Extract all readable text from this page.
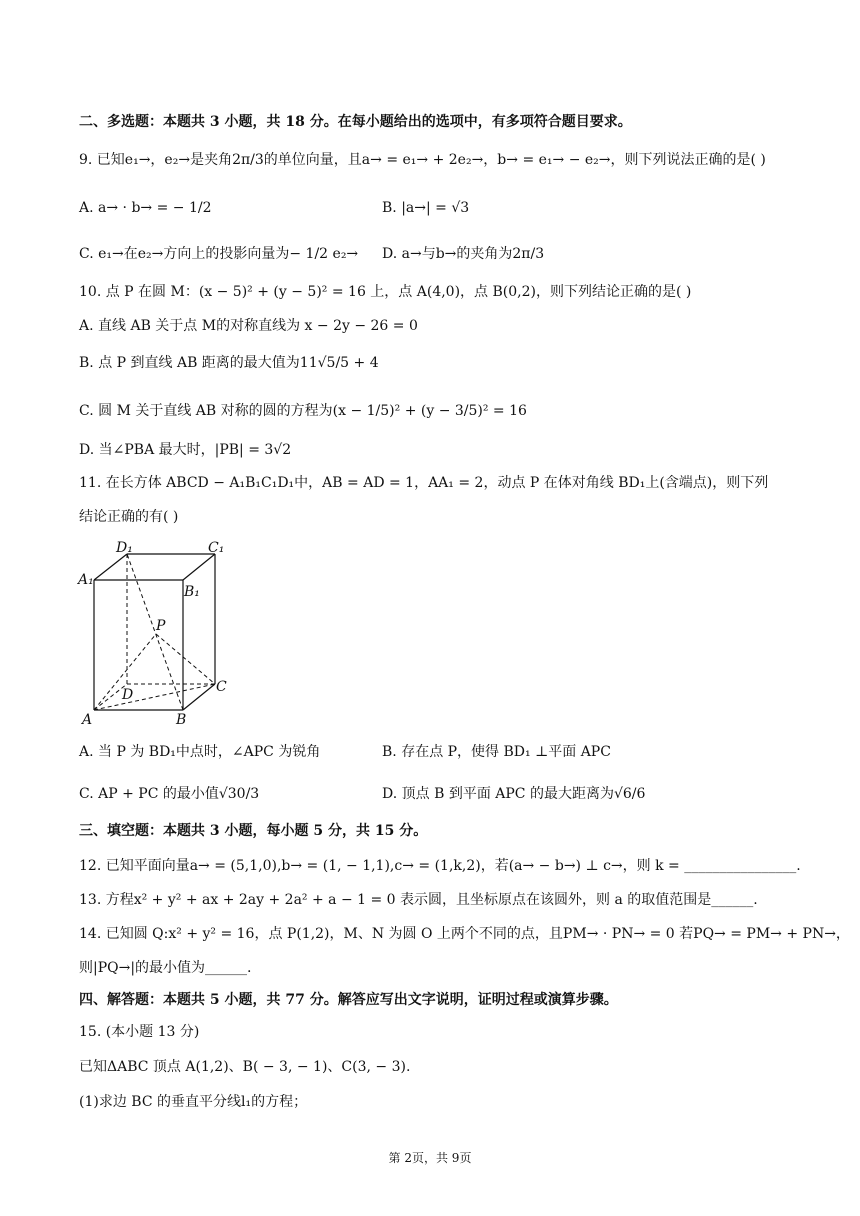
二、多选题：本题共 3 小题，共 18 分。在每小题给出的选项中，有多项符合题目要求。
9. 已知e₁→，e₂→是夹角2π/3的单位向量，且a→ = e₁→ + 2e₂→，b→ = e₁→ − e₂→，则下列说法正确的是( )
A. a→ · b→ = − 1/2	B. |a→| = √3
C. e₁→在e₂→方向上的投影向量为− 1/2 e₂→ D. a→与b→的夹角为2π/3
10. 点 P 在圆 M：(x − 5)² + (y − 5)² = 16 上，点 A(4,0)，点 B(0,2)，则下列结论正确的是( )
A. 直线 AB 关于点 M的对称直线为 x − 2y − 26 = 0
B. 点 P 到直线 AB 距离的最大值为11√5/5 + 4
C. 圆 M 关于直线 AB 对称的圆的方程为(x − 1/5)² + (y − 3/5)² = 16
D. 当∠PBA 最大时，|PB| = 3√2
11. 在长方体 ABCD − A₁B₁C₁D₁中，AB = AD = 1，AA₁ = 2，动点 P 在体对角线 BD₁上(含端点)，则下列
结论正确的有( )
D₁	C₁
A₁
B₁
P
D	C
A	B
A. 当 P 为 BD₁中点时，∠APC 为锐角	B. 存在点 P，使得 BD₁ ⊥平面 APC
C. AP + PC 的最小值√30/3	D. 顶点 B 到平面 APC 的最大距离为√6/6
三、填空题：本题共 3 小题，每小题 5 分，共 15 分。
12. 已知平面向量a→ = (5,1,0),b→ = (1, − 1,1),c→ = (1,k,2)，若(a→ − b→) ⊥ c→，则 k = ________________.
13. 方程x² + y² + ax + 2ay + 2a² + a − 1 = 0 表示圆，且坐标原点在该圆外，则 a 的取值范围是______.
14. 已知圆 Q:x² + y² = 16，点 P(1,2)，M、N 为圆 O 上两个不同的点，且PM→ · PN→ = 0 若PQ→ = PM→ + PN→，
则|PQ→|的最小值为______.
四、解答题：本题共 5 小题，共 77 分。解答应写出文字说明，证明过程或演算步骤。
15. (本小题 13 分)
已知ΔABC 顶点 A(1,2)、B( − 3, − 1)、C(3, − 3).
(1)求边 BC 的垂直平分线l₁的方程；
第 2页，共 9页
